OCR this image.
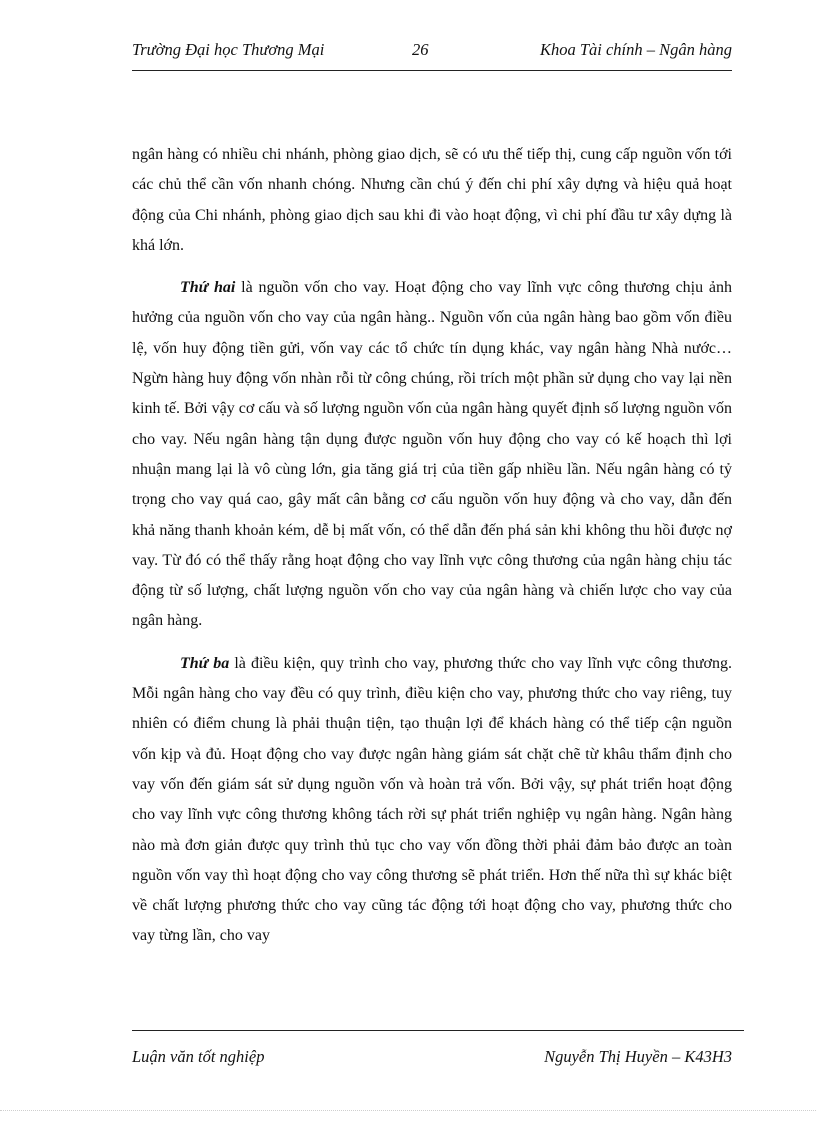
Trường Đại học Thương Mại	26	Khoa Tài chính – Ngân hàng

ngân hàng có nhiều chi nhánh, phòng giao dịch, sẽ có ưu thế tiếp thị, cung cấp nguồn vốn tới các chủ thể cần vốn nhanh chóng. Nhưng cần chú ý đến chi phí xây dựng và hiệu quả hoạt động của Chi nhánh, phòng giao dịch sau khi đi vào hoạt động, vì chi phí đầu tư xây dựng là khá lớn.

Thứ hai là nguồn vốn cho vay. Hoạt động cho vay lĩnh vực công thương chịu ảnh hưởng của nguồn vốn cho vay của ngân hàng.. Nguồn vốn của ngân hàng bao gồm vốn điều lệ, vốn huy động tiền gửi, vốn vay các tổ chức tín dụng khác, vay ngân hàng Nhà nước…Ngừn hàng huy động vốn nhàn rỗi từ công chúng, rồi trích một phần sử dụng cho vay lại nền kinh tế. Bởi vậy cơ cấu và số lượng nguồn vốn của ngân hàng quyết định số lượng nguồn vốn cho vay. Nếu ngân hàng tận dụng được nguồn vốn huy động cho vay có kế hoạch thì lợi nhuận mang lại là vô cùng lớn, gia tăng giá trị của tiền gấp nhiều lần. Nếu ngân hàng có tỷ trọng cho vay quá cao, gây mất cân bằng cơ cấu nguồn vốn huy động và cho vay, dẫn đến khả năng thanh khoản kém, dễ bị mất vốn, có thể dẫn đến phá sản khi không thu hồi được nợ vay. Từ đó có thể thấy rằng hoạt động cho vay lĩnh vực công thương của ngân hàng chịu tác động từ số lượng, chất lượng nguồn vốn cho vay của ngân hàng và chiến lược cho vay của ngân hàng.

Thứ ba là điều kiện, quy trình cho vay, phương thức cho vay lĩnh vực công thương. Mỗi ngân hàng cho vay đều có quy trình, điều kiện cho vay, phương thức cho vay riêng, tuy nhiên có điểm chung là phải thuận tiện, tạo thuận lợi để khách hàng có thể tiếp cận nguồn vốn kịp và đủ. Hoạt động cho vay được ngân hàng giám sát chặt chẽ từ khâu thẩm định cho vay vốn đến giám sát sử dụng nguồn vốn và hoàn trả vốn. Bởi vậy, sự phát triển hoạt động cho vay lĩnh vực công thương không tách rời sự phát triển nghiệp vụ ngân hàng. Ngân hàng nào mà đơn giản được quy trình thủ tục cho vay vốn đồng thời phải đảm bảo được an toàn nguồn vốn vay thì hoạt động cho vay công thương sẽ phát triển. Hơn thế nữa thì sự khác biệt về chất lượng phương thức cho vay cũng tác động tới hoạt động cho vay, phương thức cho vay từng lần, cho vay

Luận văn tốt nghiệp	Nguyễn Thị Huyền – K43H3
